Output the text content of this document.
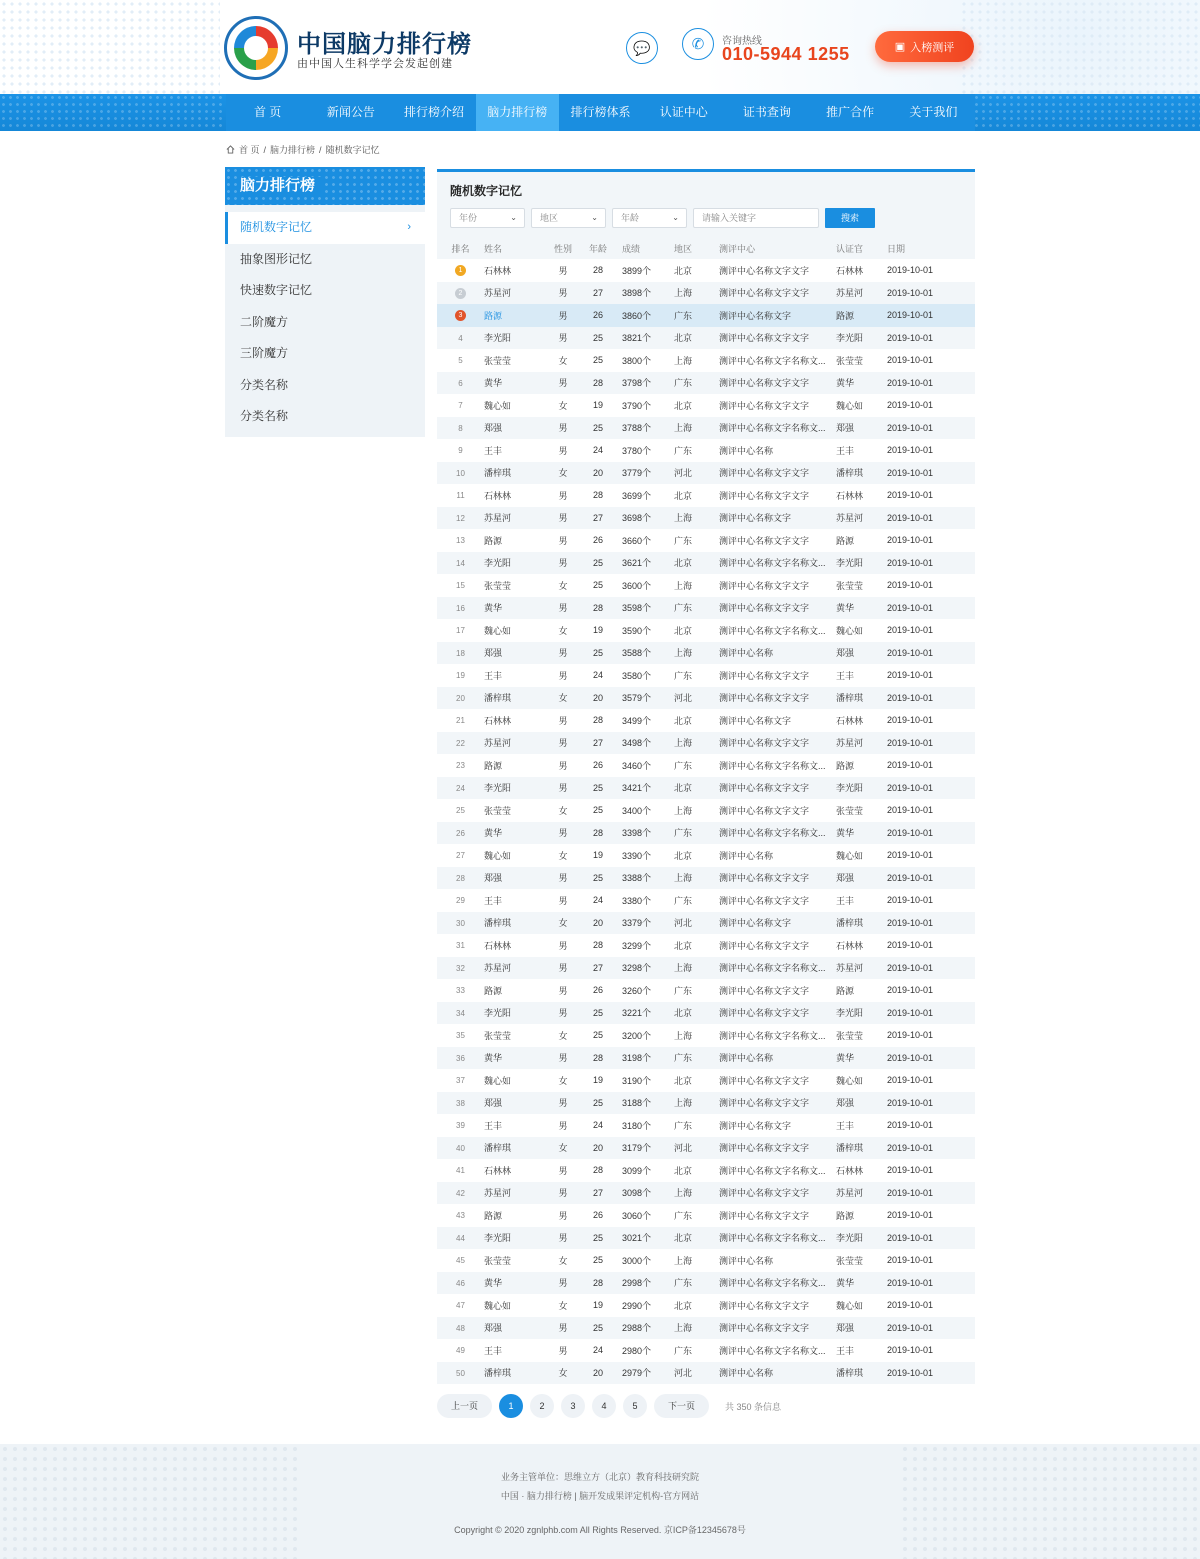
中国脑力排行榜
由中国人生科学学会发起创建
💬	✆	咨询热线
010-5944 1255	▣ 入榜测评
首 页	新闻公告	排行榜介绍	脑力排行榜	排行榜体系	认证中心	证书查询	推广合作	关于我们
首 页 / 脑力排行榜 / 随机数字记忆
脑力排行榜
随机数字记忆	›
抽象图形记忆
快速数字记忆
二阶魔方
三阶魔方
分类名称
分类名称
随机数字记忆
年份	⌄	地区	⌄	年龄	⌄	请输入关键字	搜索
排名	姓名	性别	年龄	成绩	地区	测评中心	认证官	日期
1	石林林	男	28	3899个	北京	测评中心名称文字文字	石林林	2019-10-01
2	苏星河	男	27	3898个	上海	测评中心名称文字文字	苏星河	2019-10-01
3	路源	男	26	3860个	广东	测评中心名称文字	路源	2019-10-01
4	李光阳	男	25	3821个	北京	测评中心名称文字文字	李光阳	2019-10-01
5	张莹莹	女	25	3800个	上海	测评中心名称文字名称文...	张莹莹	2019-10-01
6	黄华	男	28	3798个	广东	测评中心名称文字文字	黄华	2019-10-01
7	魏心如	女	19	3790个	北京	测评中心名称文字文字	魏心如	2019-10-01
8	郑强	男	25	3788个	上海	测评中心名称文字名称文...	郑强	2019-10-01
9	王丰	男	24	3780个	广东	测评中心名称	王丰	2019-10-01
10	潘梓琪	女	20	3779个	河北	测评中心名称文字文字	潘梓琪	2019-10-01
11	石林林	男	28	3699个	北京	测评中心名称文字文字	石林林	2019-10-01
12	苏星河	男	27	3698个	上海	测评中心名称文字	苏星河	2019-10-01
13	路源	男	26	3660个	广东	测评中心名称文字文字	路源	2019-10-01
14	李光阳	男	25	3621个	北京	测评中心名称文字名称文...	李光阳	2019-10-01
15	张莹莹	女	25	3600个	上海	测评中心名称文字文字	张莹莹	2019-10-01
16	黄华	男	28	3598个	广东	测评中心名称文字文字	黄华	2019-10-01
17	魏心如	女	19	3590个	北京	测评中心名称文字名称文...	魏心如	2019-10-01
18	郑强	男	25	3588个	上海	测评中心名称	郑强	2019-10-01
19	王丰	男	24	3580个	广东	测评中心名称文字文字	王丰	2019-10-01
20	潘梓琪	女	20	3579个	河北	测评中心名称文字文字	潘梓琪	2019-10-01
21	石林林	男	28	3499个	北京	测评中心名称文字	石林林	2019-10-01
22	苏星河	男	27	3498个	上海	测评中心名称文字文字	苏星河	2019-10-01
23	路源	男	26	3460个	广东	测评中心名称文字名称文...	路源	2019-10-01
24	李光阳	男	25	3421个	北京	测评中心名称文字文字	李光阳	2019-10-01
25	张莹莹	女	25	3400个	上海	测评中心名称文字文字	张莹莹	2019-10-01
26	黄华	男	28	3398个	广东	测评中心名称文字名称文...	黄华	2019-10-01
27	魏心如	女	19	3390个	北京	测评中心名称	魏心如	2019-10-01
28	郑强	男	25	3388个	上海	测评中心名称文字文字	郑强	2019-10-01
29	王丰	男	24	3380个	广东	测评中心名称文字文字	王丰	2019-10-01
30	潘梓琪	女	20	3379个	河北	测评中心名称文字	潘梓琪	2019-10-01
31	石林林	男	28	3299个	北京	测评中心名称文字文字	石林林	2019-10-01
32	苏星河	男	27	3298个	上海	测评中心名称文字名称文...	苏星河	2019-10-01
33	路源	男	26	3260个	广东	测评中心名称文字文字	路源	2019-10-01
34	李光阳	男	25	3221个	北京	测评中心名称文字文字	李光阳	2019-10-01
35	张莹莹	女	25	3200个	上海	测评中心名称文字名称文...	张莹莹	2019-10-01
36	黄华	男	28	3198个	广东	测评中心名称	黄华	2019-10-01
37	魏心如	女	19	3190个	北京	测评中心名称文字文字	魏心如	2019-10-01
38	郑强	男	25	3188个	上海	测评中心名称文字文字	郑强	2019-10-01
39	王丰	男	24	3180个	广东	测评中心名称文字	王丰	2019-10-01
40	潘梓琪	女	20	3179个	河北	测评中心名称文字文字	潘梓琪	2019-10-01
41	石林林	男	28	3099个	北京	测评中心名称文字名称文...	石林林	2019-10-01
42	苏星河	男	27	3098个	上海	测评中心名称文字文字	苏星河	2019-10-01
43	路源	男	26	3060个	广东	测评中心名称文字文字	路源	2019-10-01
44	李光阳	男	25	3021个	北京	测评中心名称文字名称文...	李光阳	2019-10-01
45	张莹莹	女	25	3000个	上海	测评中心名称	张莹莹	2019-10-01
46	黄华	男	28	2998个	广东	测评中心名称文字名称文...	黄华	2019-10-01
47	魏心如	女	19	2990个	北京	测评中心名称文字文字	魏心如	2019-10-01
48	郑强	男	25	2988个	上海	测评中心名称文字文字	郑强	2019-10-01
49	王丰	男	24	2980个	广东	测评中心名称文字名称文...	王丰	2019-10-01
50	潘梓琪	女	20	2979个	河北	测评中心名称	潘梓琪	2019-10-01
上一页	1	2	3	4	5	下一页	共 350 条信息

业务主管单位：思维立方（北京）教育科技研究院

中国 · 脑力排行榜 | 脑开发成果评定机构-官方网站

Copyright © 2020 zgnlphb.com All Rights Reserved. 京ICP备12345678号
